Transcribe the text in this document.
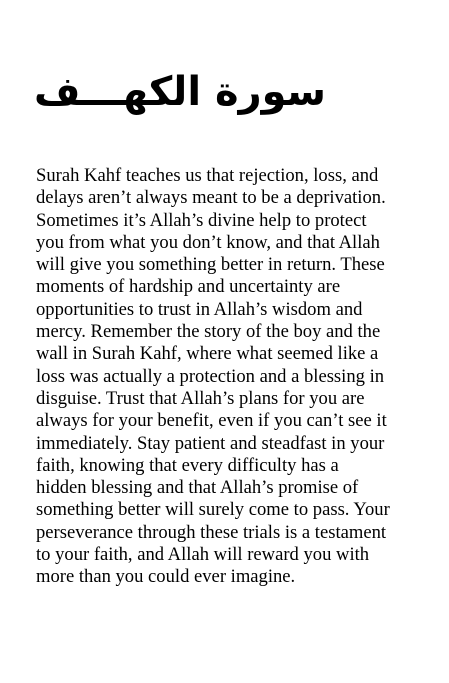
سورة الكهـــف

Surah Kahf teaches us that rejection, loss, and
delays aren’t always meant to be a deprivation.
Sometimes it’s Allah’s divine help to protect
you from what you don’t know, and that Allah
will give you something better in return. These
moments of hardship and uncertainty are
opportunities to trust in Allah’s wisdom and
mercy. Remember the story of the boy and the
wall in Surah Kahf, where what seemed like a
loss was actually a protection and a blessing in
disguise. Trust that Allah’s plans for you are
always for your benefit, even if you can’t see it
immediately. Stay patient and steadfast in your
faith, knowing that every difficulty has a
hidden blessing and that Allah’s promise of
something better will surely come to pass. Your
perseverance through these trials is a testament
to your faith, and Allah will reward you with
more than you could ever imagine.
